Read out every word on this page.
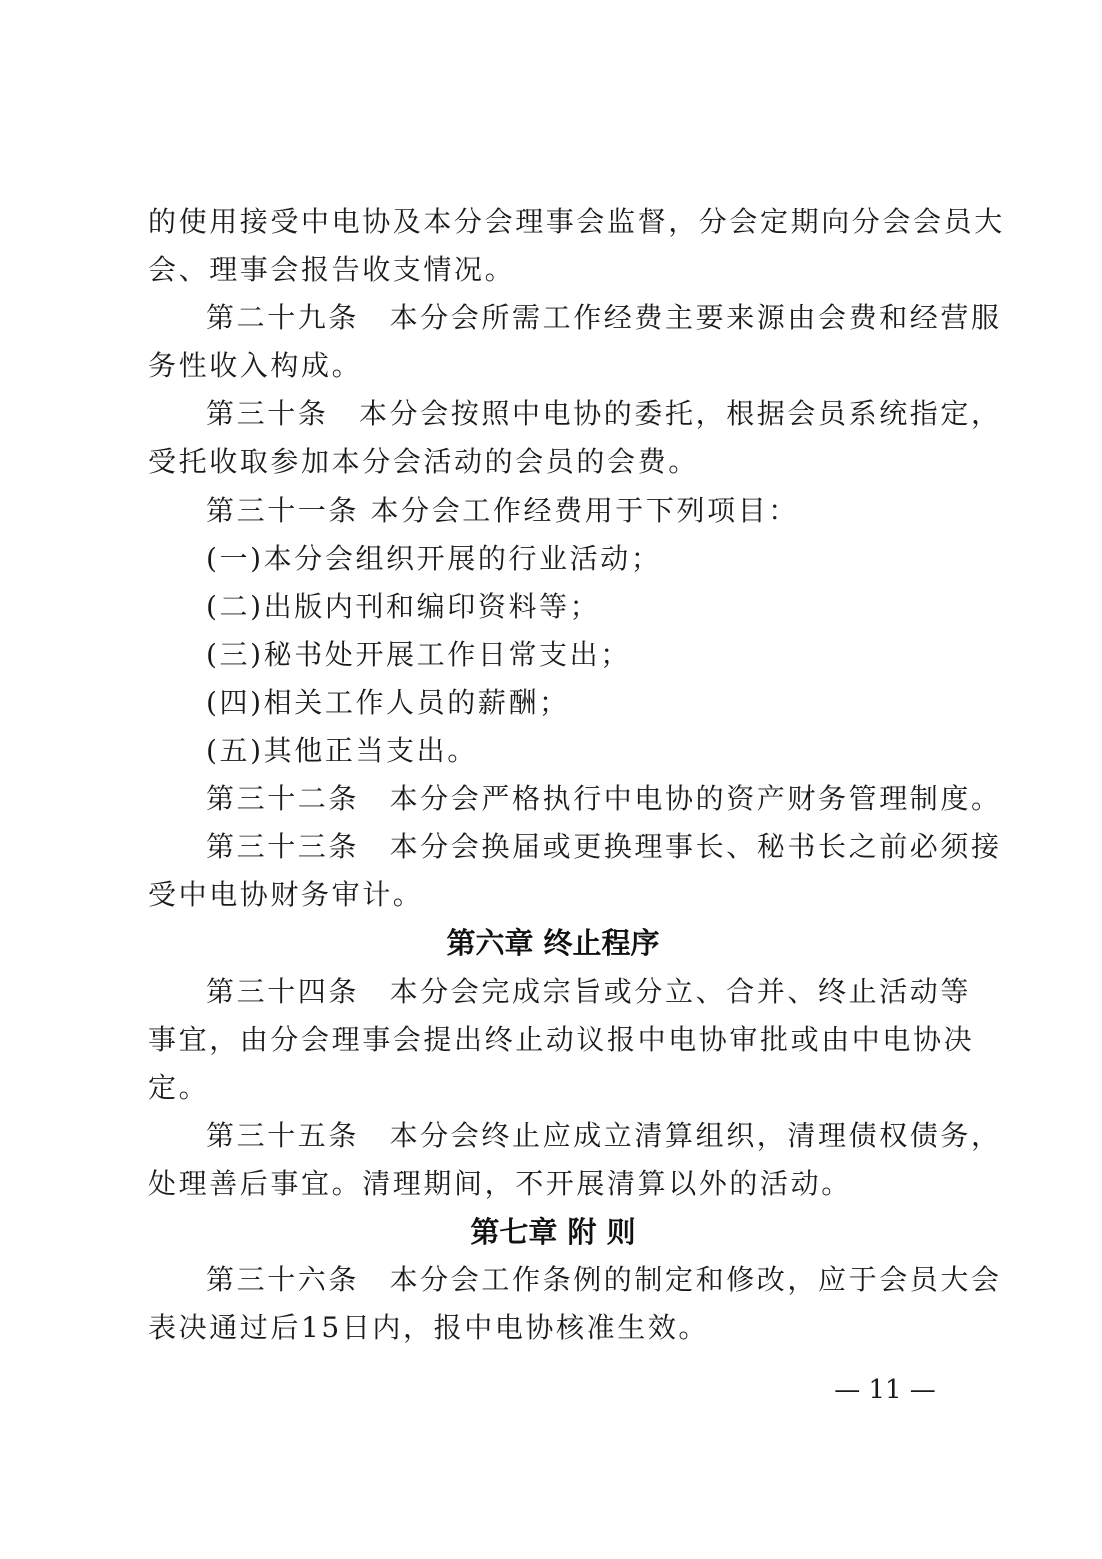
的使用接受中电协及本分会理事会监督，分会定期向分会会员大
会、理事会报告收支情况。
第二十九条　本分会所需工作经费主要来源由会费和经营服
务性收入构成。
第三十条　本分会按照中电协的委托，根据会员系统指定，
受托收取参加本分会活动的会员的会费。
第三十一条 本分会工作经费用于下列项目：
(一)本分会组织开展的行业活动；
(二)出版内刊和编印资料等；
(三)秘书处开展工作日常支出；
(四)相关工作人员的薪酬；
(五)其他正当支出。
第三十二条　本分会严格执行中电协的资产财务管理制度。
第三十三条　本分会换届或更换理事长、秘书长之前必须接
受中电协财务审计。
第六章 终止程序
第三十四条　本分会完成宗旨或分立、合并、终止活动等
事宜，由分会理事会提出终止动议报中电协审批或由中电协决
定。
第三十五条　本分会终止应成立清算组织，清理债权债务，
处理善后事宜。清理期间，不开展清算以外的活动。
第七章 附 则
第三十六条　本分会工作条例的制定和修改，应于会员大会
表决通过后15日内，报中电协核准生效。
— 11 —
